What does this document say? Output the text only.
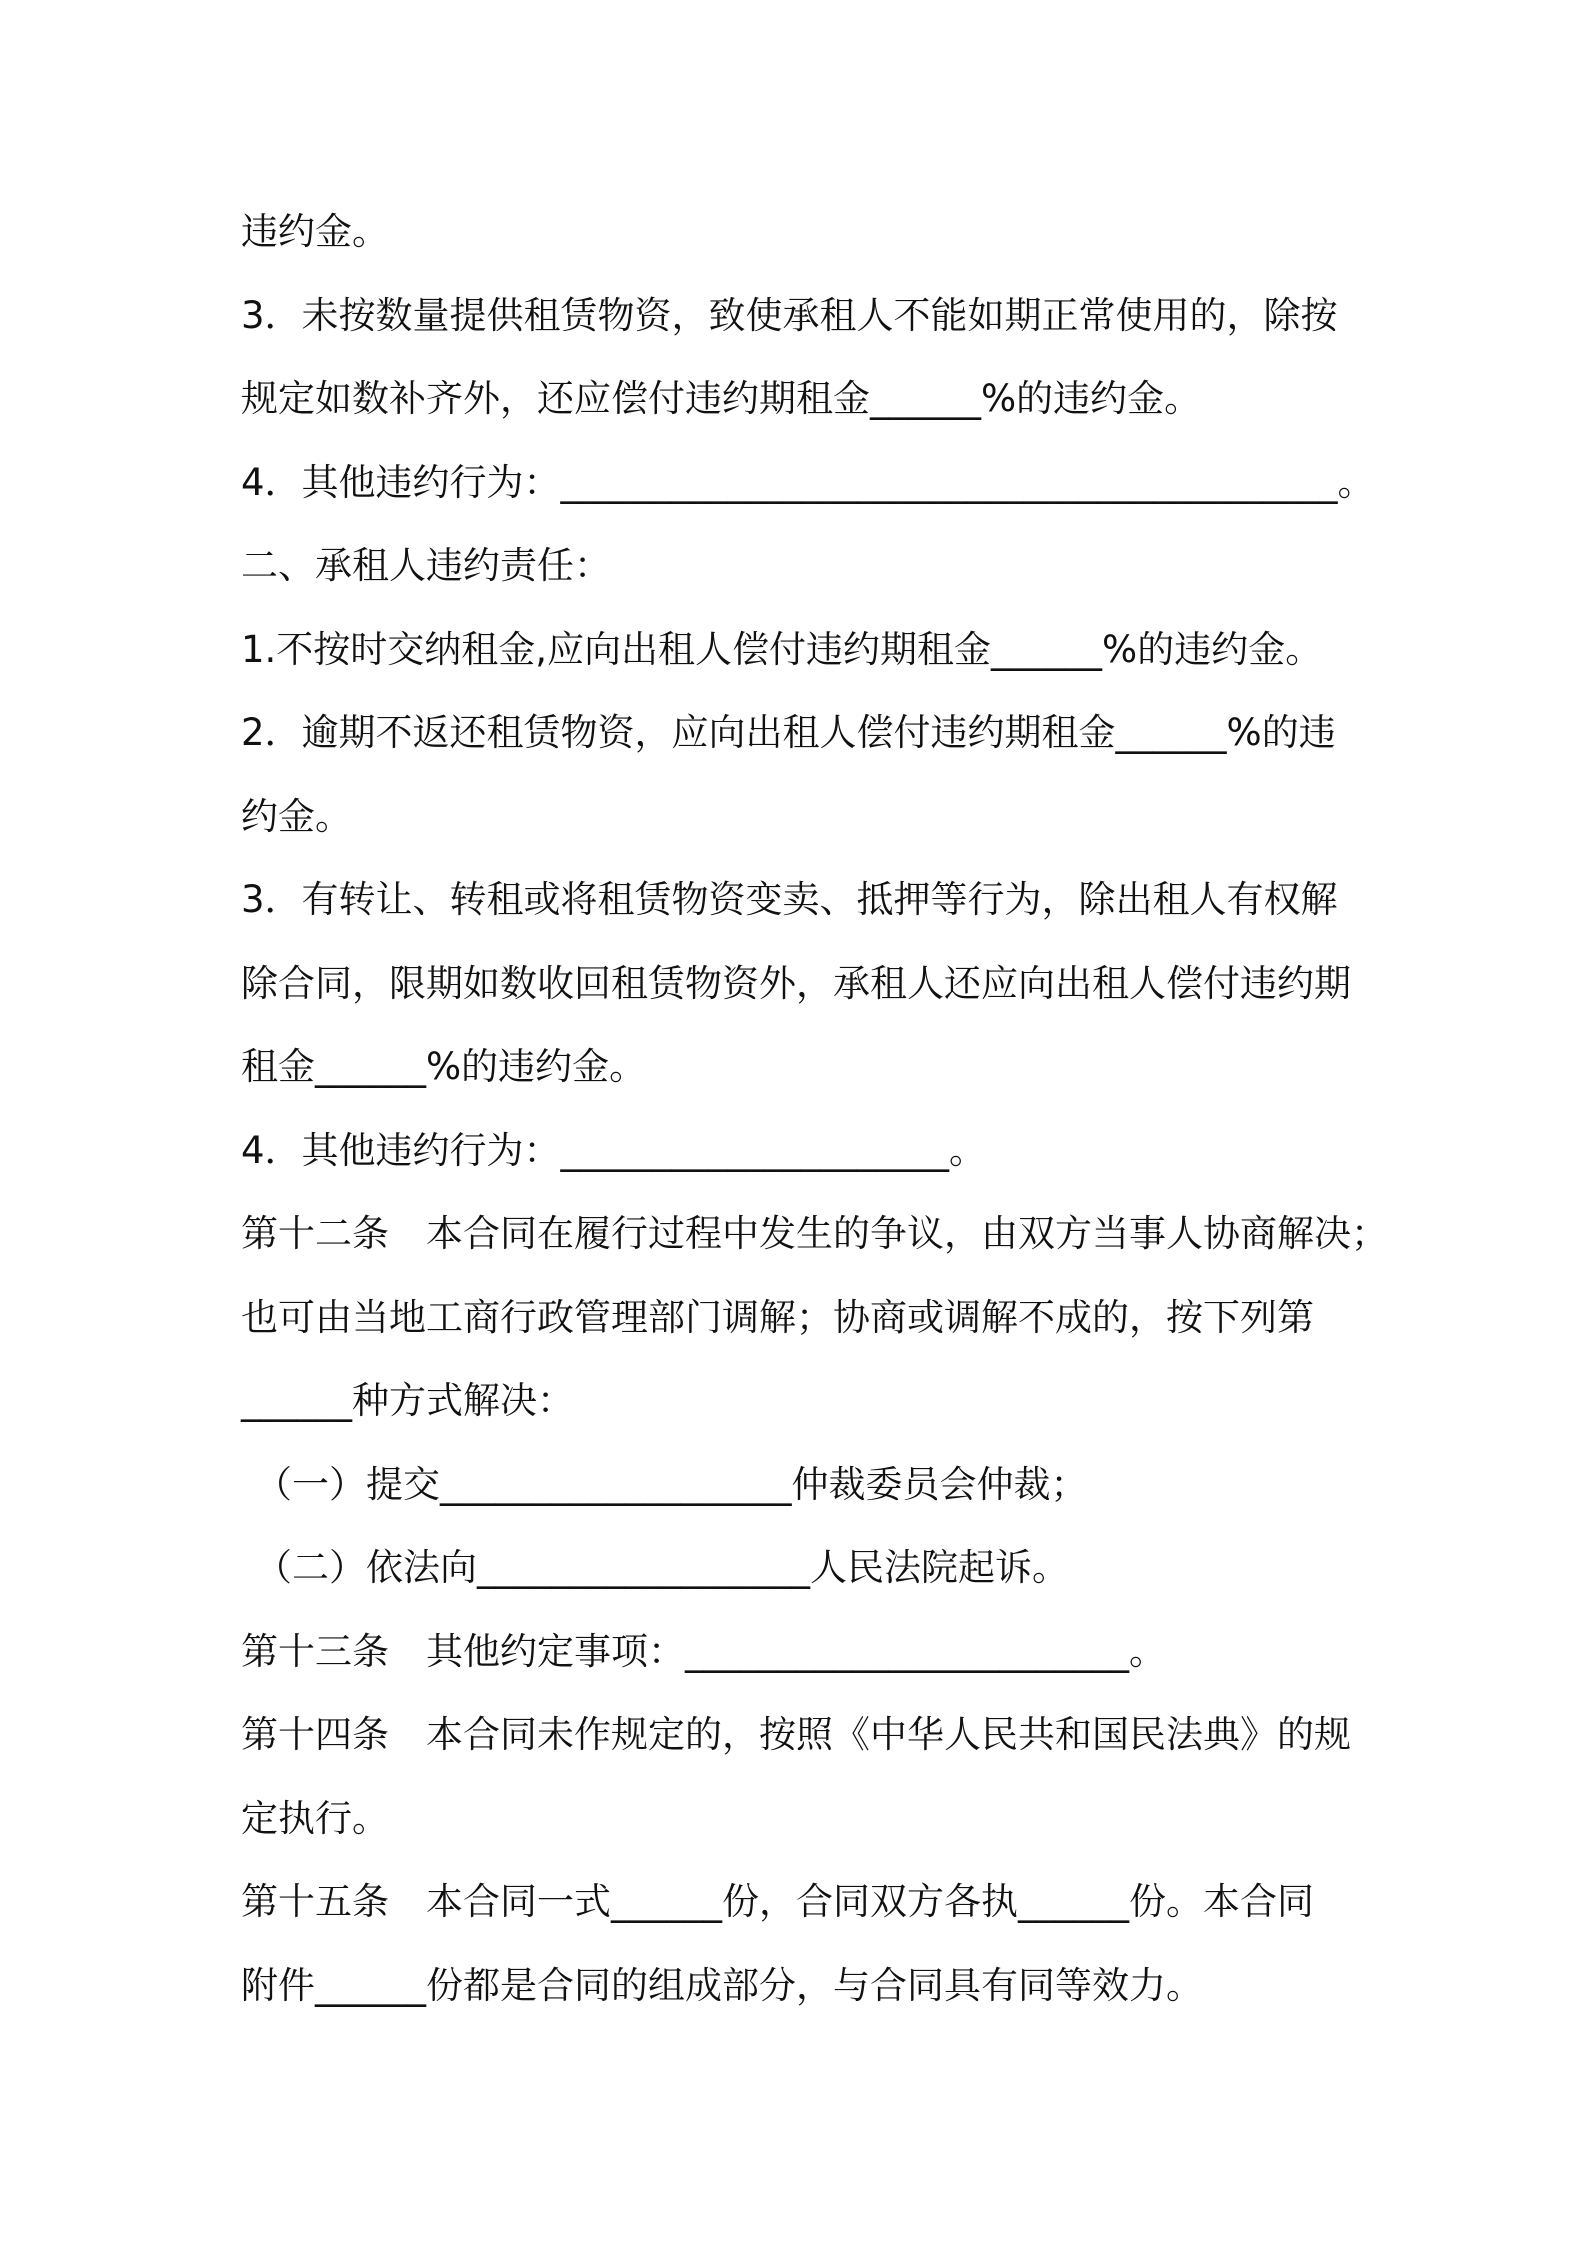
违约金。

3．未按数量提供租赁物资，致使承租人不能如期正常使用的，除按

规定如数补齐外，还应偿付违约期租金______%的违约金。

4．其他违约行为：__________________________________________。

二、承租人违约责任：

1.不按时交纳租金,应向出租人偿付违约期租金______%的违约金。

2．逾期不返还租赁物资，应向出租人偿付违约期租金______%的违

约金。

3．有转让、转租或将租赁物资变卖、抵押等行为，除出租人有权解

除合同，限期如数收回租赁物资外，承租人还应向出租人偿付违约期

租金______%的违约金。

4．其他违约行为：_____________________。

第十二条　本合同在履行过程中发生的争议，由双方当事人协商解决；

也可由当地工商行政管理部门调解；协商或调解不成的，按下列第

______种方式解决：

（一）提交___________________仲裁委员会仲裁；

（二）依法向__________________人民法院起诉。

第十三条　其他约定事项：________________________。

第十四条　本合同未作规定的，按照《中华人民共和国民法典》的规

定执行。

第十五条　本合同一式______份，合同双方各执______份。本合同

附件______份都是合同的组成部分，与合同具有同等效力。
